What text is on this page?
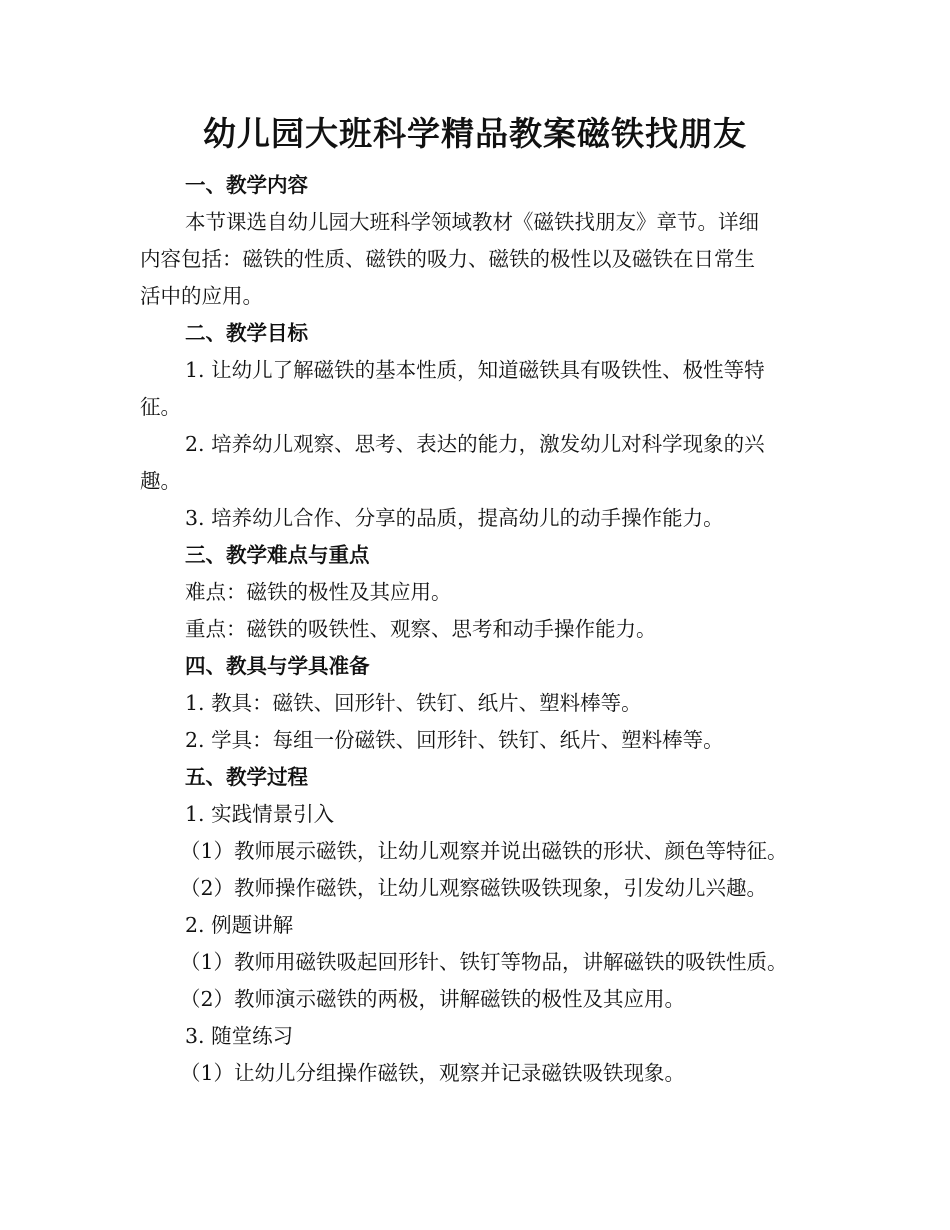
幼儿园大班科学精品教案磁铁找朋友

一、教学内容

本节课选自幼儿园大班科学领域教材《磁铁找朋友》章节。详细

内容包括：磁铁的性质、磁铁的吸力、磁铁的极性以及磁铁在日常生

活中的应用。

二、教学目标

1. 让幼儿了解磁铁的基本性质，知道磁铁具有吸铁性、极性等特

征。

2. 培养幼儿观察、思考、表达的能力，激发幼儿对科学现象的兴

趣。

3. 培养幼儿合作、分享的品质，提高幼儿的动手操作能力。

三、教学难点与重点

难点：磁铁的极性及其应用。

重点：磁铁的吸铁性、观察、思考和动手操作能力。

四、教具与学具准备

1. 教具：磁铁、回形针、铁钉、纸片、塑料棒等。

2. 学具：每组一份磁铁、回形针、铁钉、纸片、塑料棒等。

五、教学过程

1. 实践情景引入

（1）教师展示磁铁，让幼儿观察并说出磁铁的形状、颜色等特征。

（2）教师操作磁铁，让幼儿观察磁铁吸铁现象，引发幼儿兴趣。

2. 例题讲解

（1）教师用磁铁吸起回形针、铁钉等物品，讲解磁铁的吸铁性质。

（2）教师演示磁铁的两极，讲解磁铁的极性及其应用。

3. 随堂练习

（1）让幼儿分组操作磁铁，观察并记录磁铁吸铁现象。
